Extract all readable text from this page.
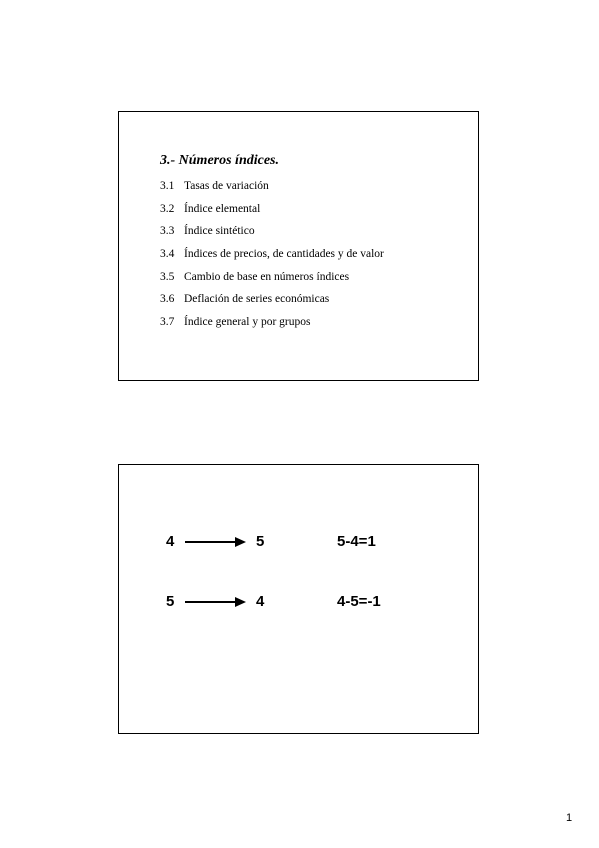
3.- Números índices.
3.1 Tasas de variación
3.2 Índice elemental
3.3 Índice sintético
3.4 Índices de precios, de cantidades y de valor
3.5 Cambio de base en números índices
3.6 Deflación de series económicas
3.7 Índice general y por grupos
4	5	5-4=1
5	4	4-5=-1
1
